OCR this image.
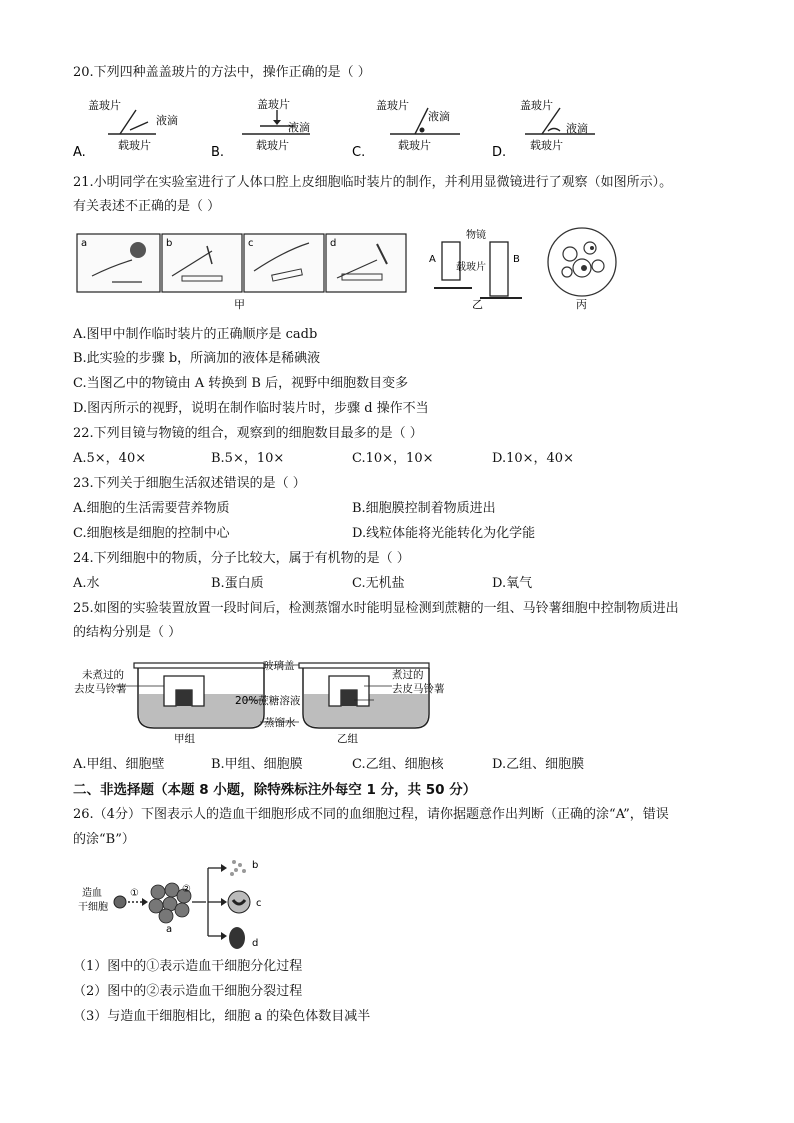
20.下列四种盖盖玻片的方法中，操作正确的是（ ）
盖玻片
液滴
载玻片
A.
盖玻片
液滴
载玻片
B.
盖玻片
液滴
载玻片
C.
盖玻片
液滴
载玻片
D.
21.小明同学在实验室进行了人体口腔上皮细胞临时装片的制作，并利用显微镜进行了观察（如图所示）。
有关表述不正确的是（ ）
a	b	c	d
甲
物镜
载玻片
A	B
乙	丙
A.图甲中制作临时装片的正确顺序是 cadb
B.此实验的步骤 b，所滴加的液体是稀碘液
C.当图乙中的物镜由 A 转换到 B 后，视野中细胞数目变多
D.图丙所示的视野，说明在制作临时装片时，步骤 d 操作不当
22.下列目镜与物镜的组合，观察到的细胞数目最多的是（ ）
A.5×，40×	B.5×，10×	C.10×，10×	D.10×，40×
23.下列关于细胞生活叙述错误的是（ ）
A.细胞的生活需要营养物质	B.细胞膜控制着物质进出
C.细胞核是细胞的控制中心	D.线粒体能将光能转化为化学能
24.下列细胞中的物质，分子比较大，属于有机物的是（ ）
A.水	B.蛋白质	C.无机盐	D.氧气
25.如图的实验装置放置一段时间后，检测蒸馏水时能明显检测到蔗糖的一组、马铃薯细胞中控制物质进出
的结构分别是（ ）
未煮过的
去皮马铃薯
煮过的
去皮马铃薯
玻璃盖
20%蔗糖溶液
蒸馏水
甲组	乙组
A.甲组、细胞壁	B.甲组、细胞膜	C.乙组、细胞核	D.乙组、细胞膜
二、非选择题（本题 8 小题，除特殊标注外每空 1 分，共 50 分）
26.（4分）下图表示人的造血干细胞形成不同的血细胞过程，请你据题意作出判断（正确的涂“A”，错误
的涂“B”）
造血
干细胞
①
a
②
b
c
d
（1）图中的①表示造血干细胞分化过程
（2）图中的②表示造血干细胞分裂过程
（3）与造血干细胞相比，细胞 a 的染色体数目减半
